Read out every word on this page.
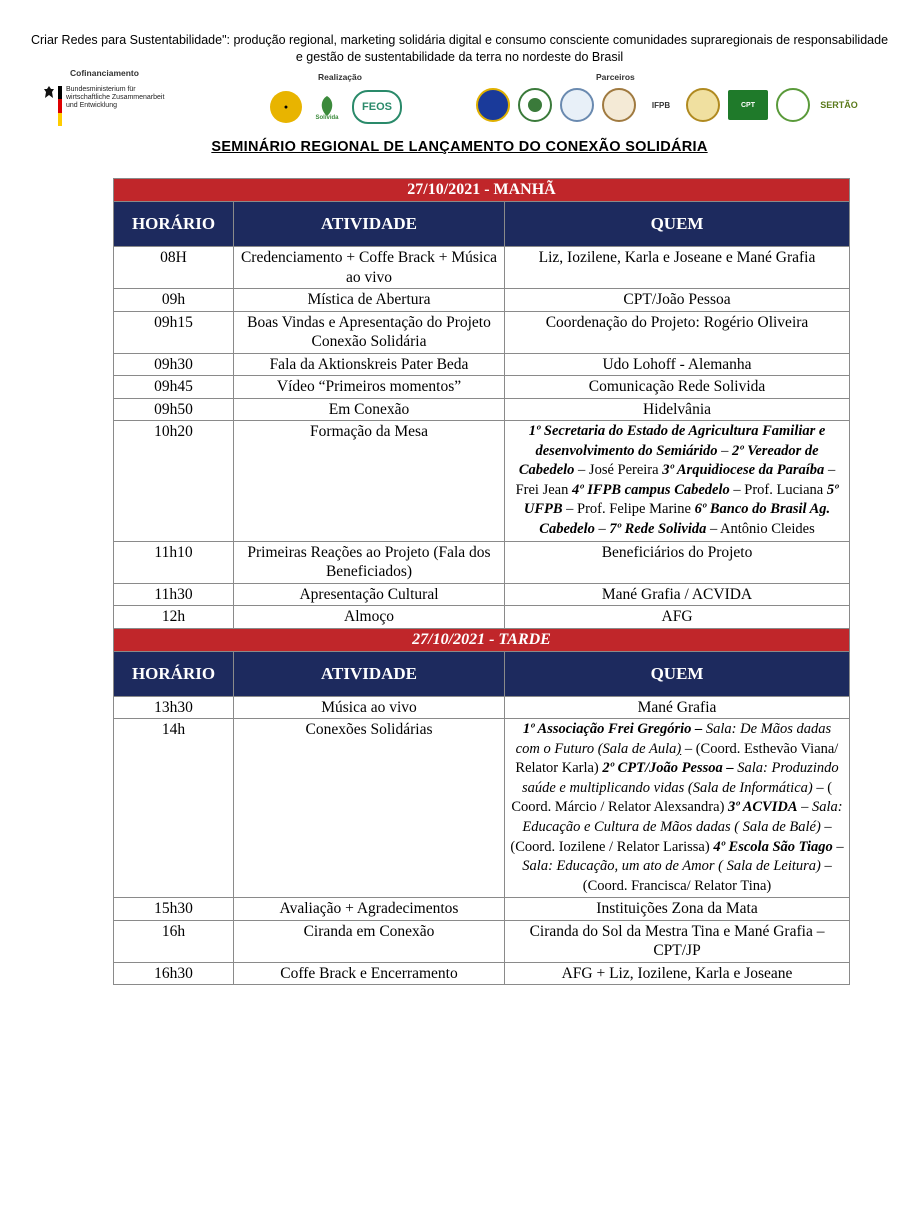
Criar Redes para Sustentabilidade": produção regional, marketing solidária digital e consumo consciente comunidades supraregionais de responsabilidade
e gestão de sustentabilidade da terra no nordeste do Brasil
Cofinanciamento	Realização	Parceiros
Bundesministerium für
wirtschaftliche Zusammenarbeit
und Entwicklung	●
Solivida
FEOS	IFPB	CPT	SERTÃO
SEMINÁRIO REGIONAL DE LANÇAMENTO DO CONEXÃO SOLIDÁRIA
27/10/2021 - MANHÃ		
HORÁRIO	ATIVIDADE	QUEM
08H	Credenciamento + Coffe Brack + Música ao vivo	Liz, Iozilene, Karla e Joseane e Mané Grafia
09h	Mística de Abertura	CPT/João Pessoa
09h15	Boas Vindas e Apresentação do Projeto Conexão Solidária	Coordenação do Projeto: Rogério Oliveira
09h30	Fala da Aktionskreis Pater Beda	Udo Lohoff - Alemanha
09h45	Vídeo “Primeiros momentos”	Comunicação Rede Solivida
09h50	Em Conexão	Hidelvânia
10h20	Formação da Mesa	1º Secretaria do Estado de Agricultura Familiar e desenvolvimento do Semiárido – 2º Vereador de Cabedelo – José Pereira 3º Arquidiocese da Paraíba – Frei Jean 4º IFPB campus Cabedelo – Prof. Luciana 5º UFPB – Prof. Felipe Marine 6º Banco do Brasil Ag. Cabedelo – 7º Rede Solivida – Antônio Cleides
11h10	Primeiras Reações ao Projeto (Fala dos Beneficiados)	Beneficiários do Projeto
11h30	Apresentação Cultural	Mané Grafia / ACVIDA
12h	Almoço	AFG
27/10/2021 - TARDE		
HORÁRIO	ATIVIDADE	QUEM
13h30	Música ao vivo	Mané Grafia
14h	Conexões Solidárias	1º Associação Frei Gregório – Sala: De Mãos dadas com o Futuro (Sala de Aula) – (Coord. Esthevão Viana/ Relator Karla) 2º CPT/João Pessoa – Sala: Produzindo saúde e multiplicando vidas (Sala de Informática) – ( Coord. Márcio / Relator Alexsandra) 3º ACVIDA – Sala: Educação e Cultura de Mãos dadas ( Sala de Balé) – (Coord. Iozilene / Relator Larissa) 4º Escola São Tiago – Sala: Educação, um ato de Amor ( Sala de Leitura) – (Coord. Francisca/ Relator Tina)
15h30	Avaliação + Agradecimentos	Instituições Zona da Mata
16h	Ciranda em Conexão	Ciranda do Sol da Mestra Tina e Mané Grafia – CPT/JP
16h30	Coffe Brack e Encerramento	AFG + Liz, Iozilene, Karla e Joseane
